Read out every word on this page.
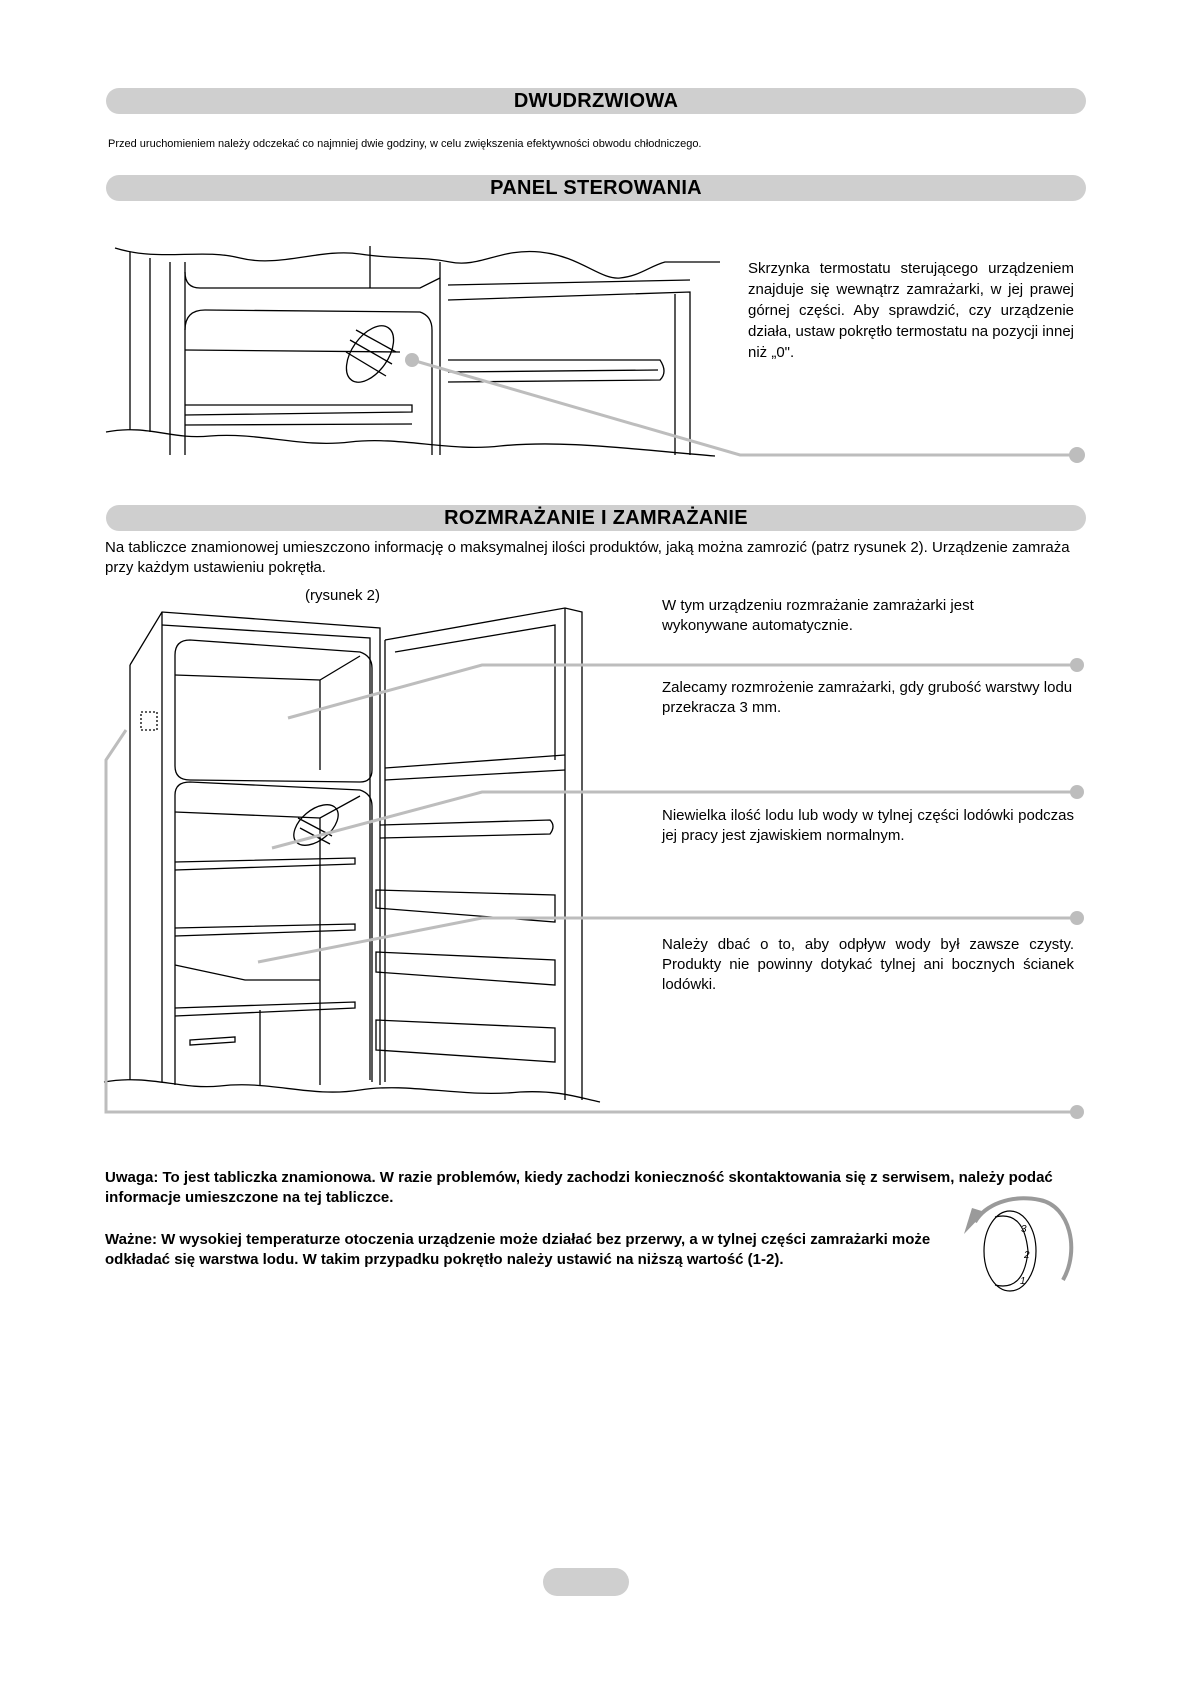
DWUDRZWIOWA
Przed uruchomieniem należy odczekać co najmniej dwie godziny, w celu zwiększenia efektywności obwodu chłodniczego.
PANEL STEROWANIA
Skrzynka termostatu sterującego urządzeniem znajduje się wewnątrz zamrażarki, w jej prawej górnej części. Aby sprawdzić, czy urządzenie działa, ustaw pokrętło termostatu na pozycji innej niż „0".
ROZMRAŻANIE I ZAMRAŻANIE
Na tabliczce znamionowej umieszczono informację o maksymalnej ilości produktów, jaką można zamrozić (patrz rysunek 2). Urządzenie zamraża przy każdym ustawieniu pokrętła.
(rysunek 2)
W tym urządzeniu rozmrażanie zamrażarki jest wykonywane automatycznie.
Zalecamy rozmrożenie zamrażarki, gdy grubość warstwy lodu przekracza 3 mm.
Niewielka ilość lodu lub wody w tylnej części lodówki podczas jej pracy jest zjawiskiem normalnym.
Należy dbać o to, aby odpływ wody był zawsze czysty. Produkty nie powinny dotykać tylnej ani bocznych ścianek lodówki.
Uwaga: To jest tabliczka znamionowa. W razie problemów, kiedy zachodzi konieczność skontaktowania się z serwisem, należy podać informacje umieszczone na tej tabliczce.
Ważne: W wysokiej temperaturze otoczenia urządzenie może działać bez przerwy, a w tylnej części zamrażarki może odkładać się warstwa lodu. W takim przypadku pokrętło należy ustawić na niższą wartość (1-2).
3
2
1
